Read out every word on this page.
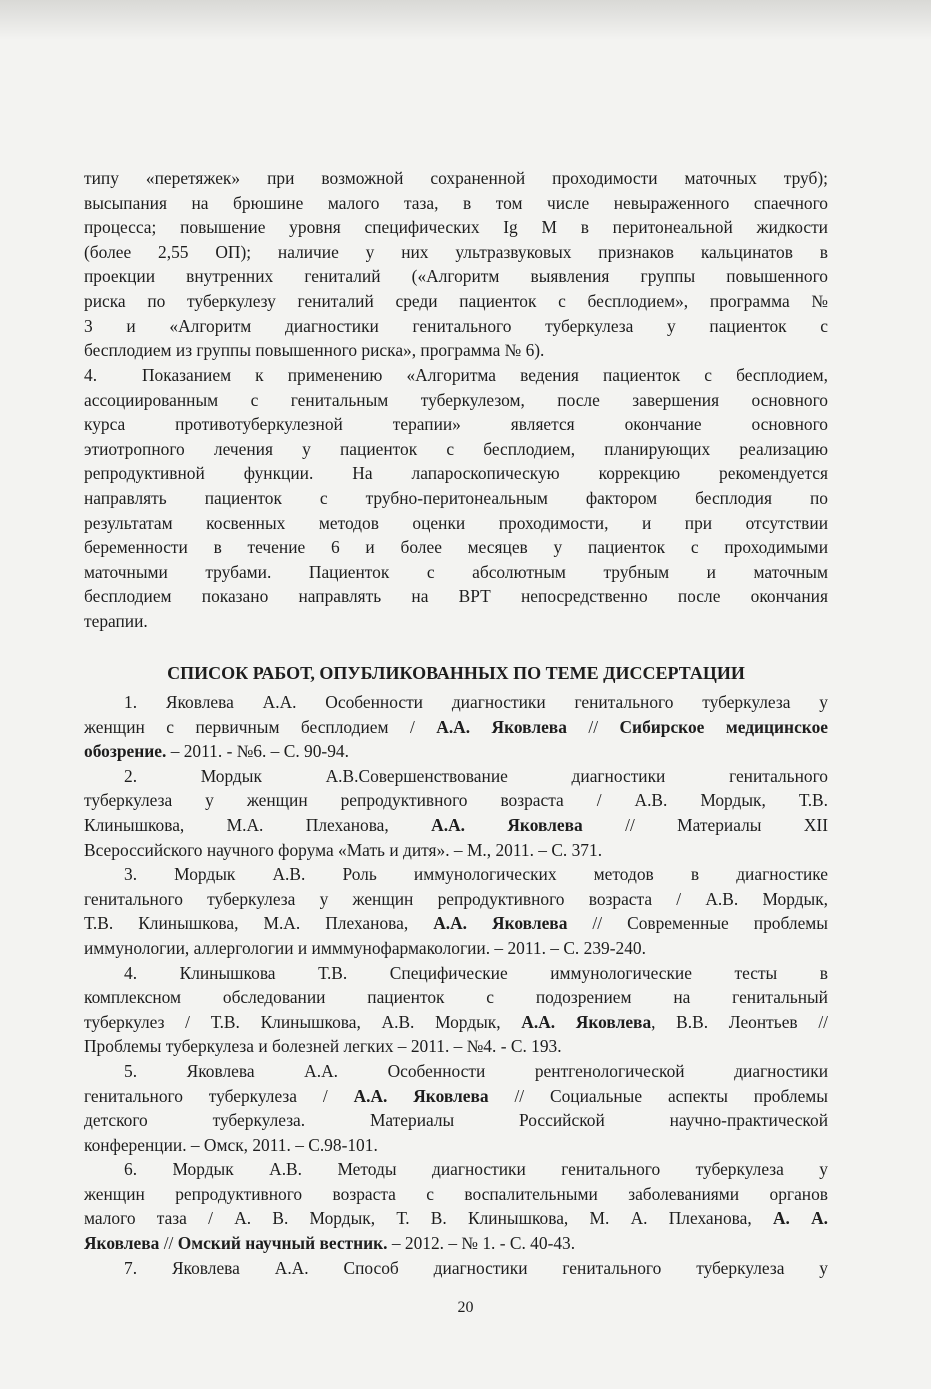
типу «перетяжек» при возможной сохраненной проходимости маточных труб);
высыпания на брюшине малого таза, в том числе невыраженного спаечного
процесса; повышение уровня специфических Ig M в перитонеальной жидкости
(более 2,55 ОП); наличие у них ультразвуковых признаков кальцинатов в
проекции внутренних гениталий («Алгоритм выявления группы повышенного
риска по туберкулезу гениталий среди пациенток с бесплодием», программа №
3 и «Алгоритм диагностики генитального туберкулеза у пациенток с
бесплодием из группы повышенного риска», программа № 6).
4.	Показанием к применению «Алгоритма ведения пациенток с бесплодием,
ассоциированным с генитальным туберкулезом, после завершения основного
курса противотуберкулезной терапии» является окончание основного
этиотропного лечения у пациенток с бесплодием, планирующих реализацию
репродуктивной функции. На лапароскопическую коррекцию рекомендуется
направлять пациенток с трубно-перитонеальным фактором бесплодия по
результатам косвенных методов оценки проходимости, и при отсутствии
беременности в течение 6 и более месяцев у пациенток с проходимыми
маточными трубами. Пациенток с абсолютным трубным и маточным
бесплодием показано направлять на ВРТ непосредственно после окончания
терапии.
СПИСОК РАБОТ, ОПУБЛИКОВАННЫХ ПО ТЕМЕ ДИССЕРТАЦИИ
1. Яковлева А.А. Особенности диагностики генитального туберкулеза у
женщин с первичным бесплодием / А.А. Яковлева // Сибирское медицинское
обозрение. – 2011. - №6. – С. 90-94.
2. Мордык А.В.Совершенствование диагностики генитального
туберкулеза у женщин репродуктивного возраста / А.В. Мордык, Т.В.
Клинышкова, М.А. Плеханова, А.А. Яковлева // Материалы XII
Всероссийского научного форума «Мать и дитя». – М., 2011. – С. 371.
3. Мордык А.В. Роль иммунологических методов в диагностике
генитального туберкулеза у женщин репродуктивного возраста / А.В. Мордык,
Т.В. Клинышкова, М.А. Плеханова, А.А. Яковлева // Современные проблемы
иммунологии, аллергологии и имммунофармакологии. – 2011. – С. 239-240.
4. Клинышкова Т.В. Специфические иммунологические тесты в
комплексном обследовании пациенток с подозрением на генитальный
туберкулез / Т.В. Клинышкова, А.В. Мордык, А.А. Яковлева, В.В. Леонтьев //
Проблемы туберкулеза и болезней легких – 2011. – №4. - С. 193.
5. Яковлева А.А. Особенности рентгенологической диагностики
генитального туберкулеза / А.А. Яковлева // Социальные аспекты проблемы
детского туберкулеза. Материалы Российской научно-практической
конференции. – Омск, 2011. – С.98-101.
6. Мордык А.В. Методы диагностики генитального туберкулеза у
женщин репродуктивного возраста с воспалительными заболеваниями органов
малого таза / А. В. Мордык, Т. В. Клинышкова, М. А. Плеханова, А. А.
Яковлева // Омский научный вестник. – 2012. – № 1. - С. 40-43.
7. Яковлева А.А. Способ диагностики генитального туберкулеза у
20
